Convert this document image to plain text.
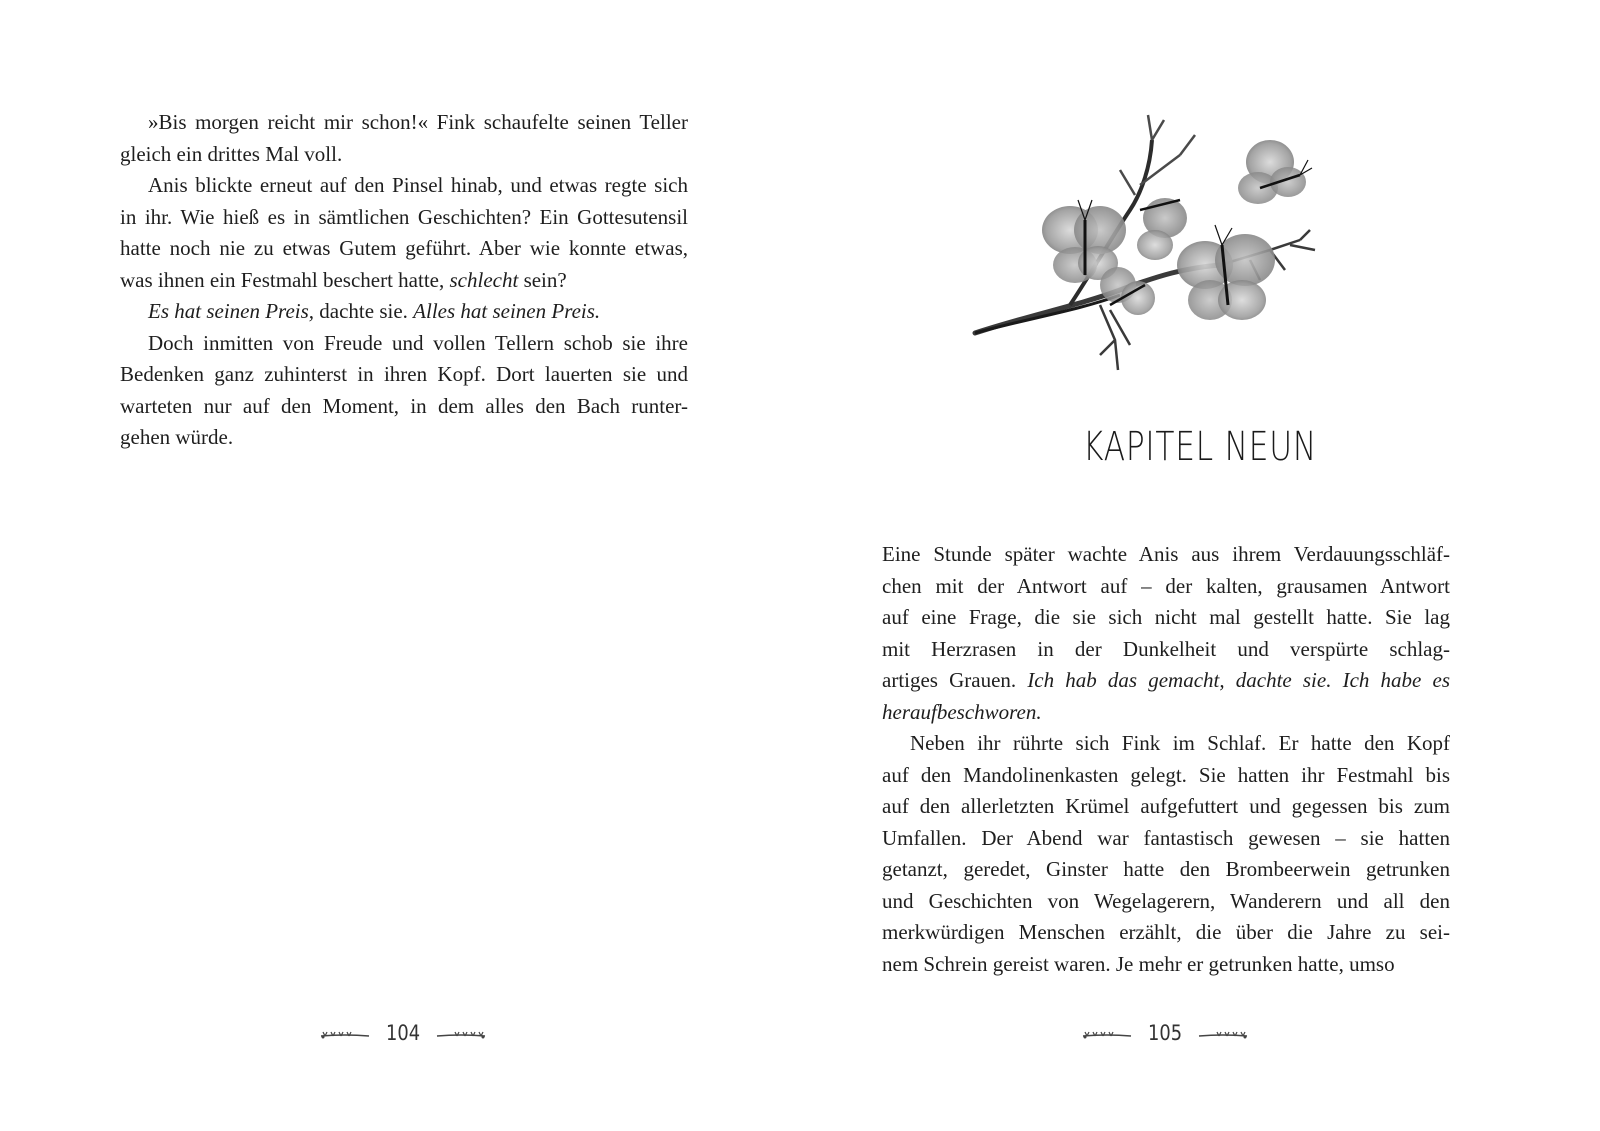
»Bis morgen reicht mir schon!« Fink schaufelte seinen Teller
gleich ein drittes Mal voll.

Anis blickte erneut auf den Pinsel hinab, und etwas regte sich
in ihr. Wie hieß es in sämtlichen Geschichten? Ein Gottesutensil
hatte noch nie zu etwas Gutem geführt. Aber wie konnte etwas,
was ihnen ein Festmahl beschert hatte, schlecht sein?

Es hat seinen Preis, dachte sie. Alles hat seinen Preis.

Doch inmitten von Freude und vollen Tellern schob sie ihre
Bedenken ganz zuhinterst in ihren Kopf. Dort lauerten sie und
warteten nur auf den Moment, in dem alles den Bach runter-
gehen würde.

104
KAPITEL NEUN

Eine Stunde später wachte Anis aus ihrem Verdauungsschläf-
chen mit der Antwort auf – der kalten, grausamen Antwort
auf eine Frage, die sie sich nicht mal gestellt hatte. Sie lag
mit Herzrasen in der Dunkelheit und verspürte schlag-
artiges Grauen. Ich hab das gemacht, dachte sie. Ich habe es
heraufbeschworen.

Neben ihr rührte sich Fink im Schlaf. Er hatte den Kopf
auf den Mandolinenkasten gelegt. Sie hatten ihr Festmahl bis
auf den allerletzten Krümel aufgefuttert und gegessen bis zum
Umfallen. Der Abend war fantastisch gewesen – sie hatten
getanzt, geredet, Ginster hatte den Brombeerwein getrunken
und Geschichten von Wegelagerern, Wanderern und all den
merkwürdigen Menschen erzählt, die über die Jahre zu sei-
nem Schrein gereist waren. Je mehr er getrunken hatte, umso

105
